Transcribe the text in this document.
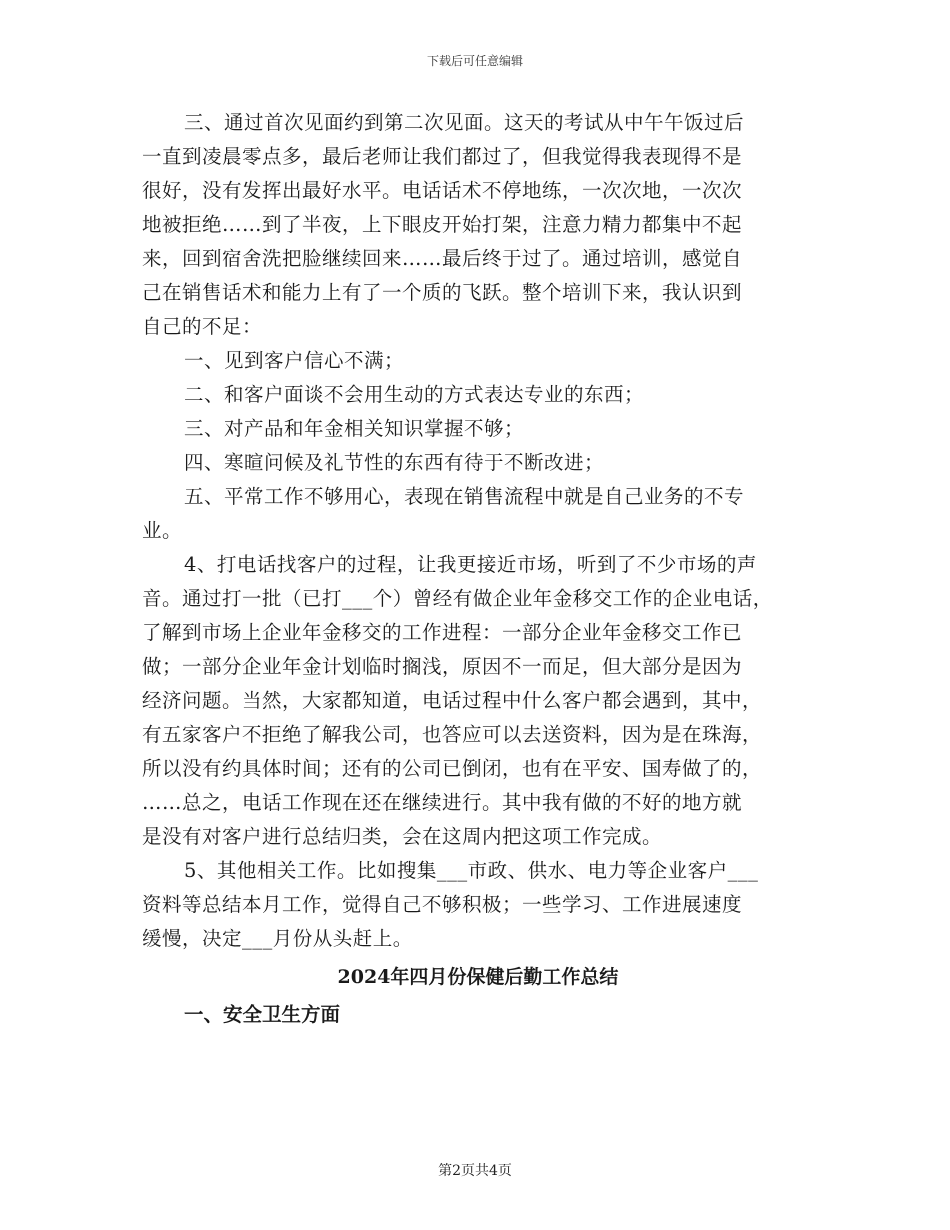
下载后可任意编辑
三、通过首次见面约到第二次见面。这天的考试从中午午饭过后
一直到凌晨零点多，最后老师让我们都过了，但我觉得我表现得不是
很好，没有发挥出最好水平。电话话术不停地练，一次次地，一次次
地被拒绝……到了半夜，上下眼皮开始打架，注意力精力都集中不起
来，回到宿舍洗把脸继续回来……最后终于过了。通过培训，感觉自
己在销售话术和能力上有了一个质的飞跃。整个培训下来，我认识到
自己的不足：
一、见到客户信心不满；
二、和客户面谈不会用生动的方式表达专业的东西；
三、对产品和年金相关知识掌握不够；
四、寒暄问候及礼节性的东西有待于不断改进；
五、平常工作不够用心，表现在销售流程中就是自己业务的不专
业。
4、打电话找客户的过程，让我更接近市场，听到了不少市场的声
音。通过打一批（已打___个）曾经有做企业年金移交工作的企业电话，
了解到市场上企业年金移交的工作进程：一部分企业年金移交工作已
做；一部分企业年金计划临时搁浅，原因不一而足，但大部分是因为
经济问题。当然，大家都知道，电话过程中什么客户都会遇到，其中，
有五家客户不拒绝了解我公司，也答应可以去送资料，因为是在珠海，
所以没有约具体时间；还有的公司已倒闭，也有在平安、国寿做了的，
……总之，电话工作现在还在继续进行。其中我有做的不好的地方就
是没有对客户进行总结归类，会在这周内把这项工作完成。
5、其他相关工作。比如搜集___市政、供水、电力等企业客户___
资料等总结本月工作，觉得自己不够积极；一些学习、工作进展速度
缓慢，决定___月份从头赶上。
2024年四月份保健后勤工作总结
一、安全卫生方面
第2页共4页
